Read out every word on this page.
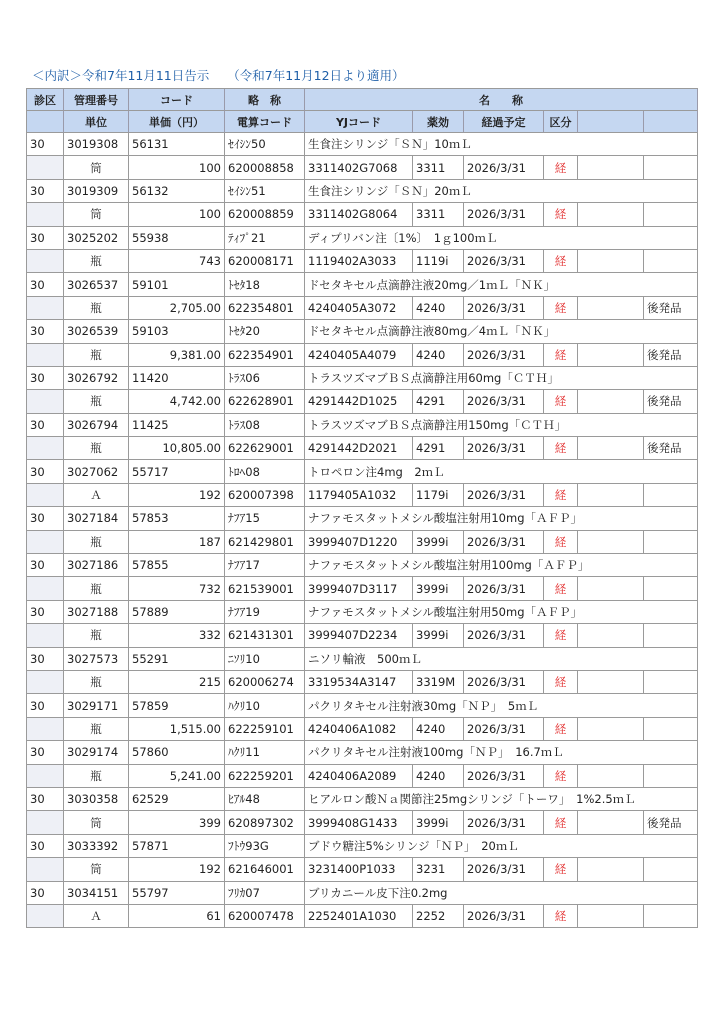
＜内訳＞令和7年11月11日告示 （令和7年11月12日より適用）
診区	管理番号	コード	略　称	名　　称					
	単位	単価（円）	電算コード	YJコード	薬効	経過予定	区分		
30	3019308	56131	ｾｲｼﾝ50	生食注シリンジ「ＳＮ」10ｍＬ					
	筒	100	620008858	3311402G7068	3311	2026/3/31	経		
30	3019309	56132	ｾｲｼﾝ51	生食注シリンジ「ＳＮ」20ｍＬ					
	筒	100	620008859	3311402G8064	3311	2026/3/31	経		
30	3025202	55938	ﾃｨﾌﾟ21	ディプリバン注〔1%〕　1ｇ100ｍＬ					
	瓶	743	620008171	1119402A3033	1119i	2026/3/31	経		
30	3026537	59101	ﾄｾﾀ18	ドセタキセル点滴静注液20mg／1ｍＬ「ＮＫ」					
	瓶	2,705.00	622354801	4240405A3072	4240	2026/3/31	経		後発品
30	3026539	59103	ﾄｾﾀ20	ドセタキセル点滴静注液80mg／4ｍＬ「ＮＫ」					
	瓶	9,381.00	622354901	4240405A4079	4240	2026/3/31	経		後発品
30	3026792	11420	ﾄﾗｽ06	トラスツズマブＢＳ点滴静注用60mg「ＣＴＨ」					
	瓶	4,742.00	622628901	4291442D1025	4291	2026/3/31	経		後発品
30	3026794	11425	ﾄﾗｽ08	トラスツズマブＢＳ点滴静注用150mg「ＣＴＨ」					
	瓶	10,805.00	622629001	4291442D2021	4291	2026/3/31	経		後発品
30	3027062	55717	ﾄﾛﾍ08	トロペロン注4mg　2ｍＬ					
	Ａ	192	620007398	1179405A1032	1179i	2026/3/31	経		
30	3027184	57853	ﾅﾌｱ15	ナファモスタットメシル酸塩注射用10mg「ＡＦＰ」					
	瓶	187	621429801	3999407D1220	3999i	2026/3/31	経		
30	3027186	57855	ﾅﾌｱ17	ナファモスタットメシル酸塩注射用100mg「ＡＦＰ」					
	瓶	732	621539001	3999407D3117	3999i	2026/3/31	経		
30	3027188	57889	ﾅﾌｱ19	ナファモスタットメシル酸塩注射用50mg「ＡＦＰ」					
	瓶	332	621431301	3999407D2234	3999i	2026/3/31	経		
30	3027573	55291	ﾆｿﾘ10	ニソリ輸液　500ｍＬ					
	瓶	215	620006274	3319534A3147	3319M	2026/3/31	経		
30	3029171	57859	ﾊｸﾘ10	パクリタキセル注射液30mg「ＮＰ」　5ｍＬ					
	瓶	1,515.00	622259101	4240406A1082	4240	2026/3/31	経		
30	3029174	57860	ﾊｸﾘ11	パクリタキセル注射液100mg「ＮＰ」　16.7ｍＬ					
	瓶	5,241.00	622259201	4240406A2089	4240	2026/3/31	経		
30	3030358	62529	ﾋｱﾙ48	ヒアルロン酸Ｎａ関節注25mgシリンジ「トーワ」　1%2.5ｍＬ					
	筒	399	620897302	3999408G1433	3999i	2026/3/31	経		後発品
30	3033392	57871	ﾌﾄｳ93G	ブドウ糖注5%シリンジ「ＮＰ」　20ｍＬ					
	筒	192	621646001	3231400P1033	3231	2026/3/31	経		
30	3034151	55797	ﾌﾘｶ07	ブリカニール皮下注0.2mg					
	Ａ	61	620007478	2252401A1030	2252	2026/3/31	経		
